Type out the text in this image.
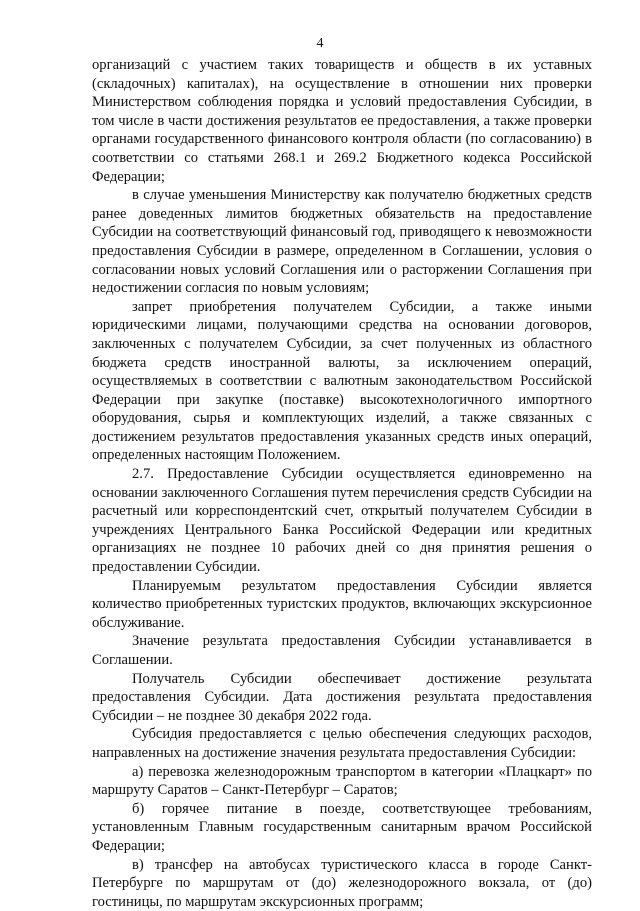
4

организаций с участием таких товариществ и обществ в их уставных (складочных) капиталах), на осуществление в отношении них проверки Министерством соблюдения порядка и условий предоставления Субсидии, в том числе в части достижения результатов ее предоставления, а также проверки органами государственного финансового контроля области (по согласованию) в соответствии со статьями 268.1 и 269.2 Бюджетного кодекса Российской Федерации;

в случае уменьшения Министерству как получателю бюджетных средств ранее доведенных лимитов бюджетных обязательств на предоставление Субсидии на соответствующий финансовый год, приводящего к невозможности предоставления Субсидии в размере, определенном в Соглашении, условия о согласовании новых условий Соглашения или о расторжении Соглашения при недостижении согласия по новым условиям;

запрет приобретения получателем Субсидии, а также иными юридическими лицами, получающими средства на основании договоров, заключенных с получателем Субсидии, за счет полученных из областного бюджета средств иностранной валюты, за исключением операций, осуществляемых в соответствии с валютным законодательством Российской Федерации при закупке (поставке) высокотехнологичного импортного оборудования, сырья и комплектующих изделий, а также связанных с достижением результатов предоставления указанных средств иных операций, определенных настоящим Положением.

2.7. Предоставление Субсидии осуществляется единовременно на основании заключенного Соглашения путем перечисления средств Субсидии на расчетный или корреспондентский счет, открытый получателем Субсидии в учреждениях Центрального Банка Российской Федерации или кредитных организациях не позднее 10 рабочих дней со дня принятия решения о предоставлении Субсидии.

Планируемым результатом предоставления Субсидии является количество приобретенных туристских продуктов, включающих экскурсионное обслуживание.

Значение результата предоставления Субсидии устанавливается в Соглашении.

Получатель Субсидии обеспечивает достижение результата предоставления Субсидии. Дата достижения результата предоставления Субсидии – не позднее 30 декабря 2022 года.

Субсидия предоставляется с целью обеспечения следующих расходов, направленных на достижение значения результата предоставления Субсидии:

а) перевозка железнодорожным транспортом в категории «Плацкарт» по маршруту Саратов – Санкт-Петербург – Саратов;

б) горячее питание в поезде, соответствующее требованиям, установленным Главным государственным санитарным врачом Российской Федерации;

в) трансфер на автобусах туристического класса в городе Санкт-Петербурге по маршрутам от (до) железнодорожного вокзала, от (до) гостиницы, по маршрутам экскурсионных программ;
